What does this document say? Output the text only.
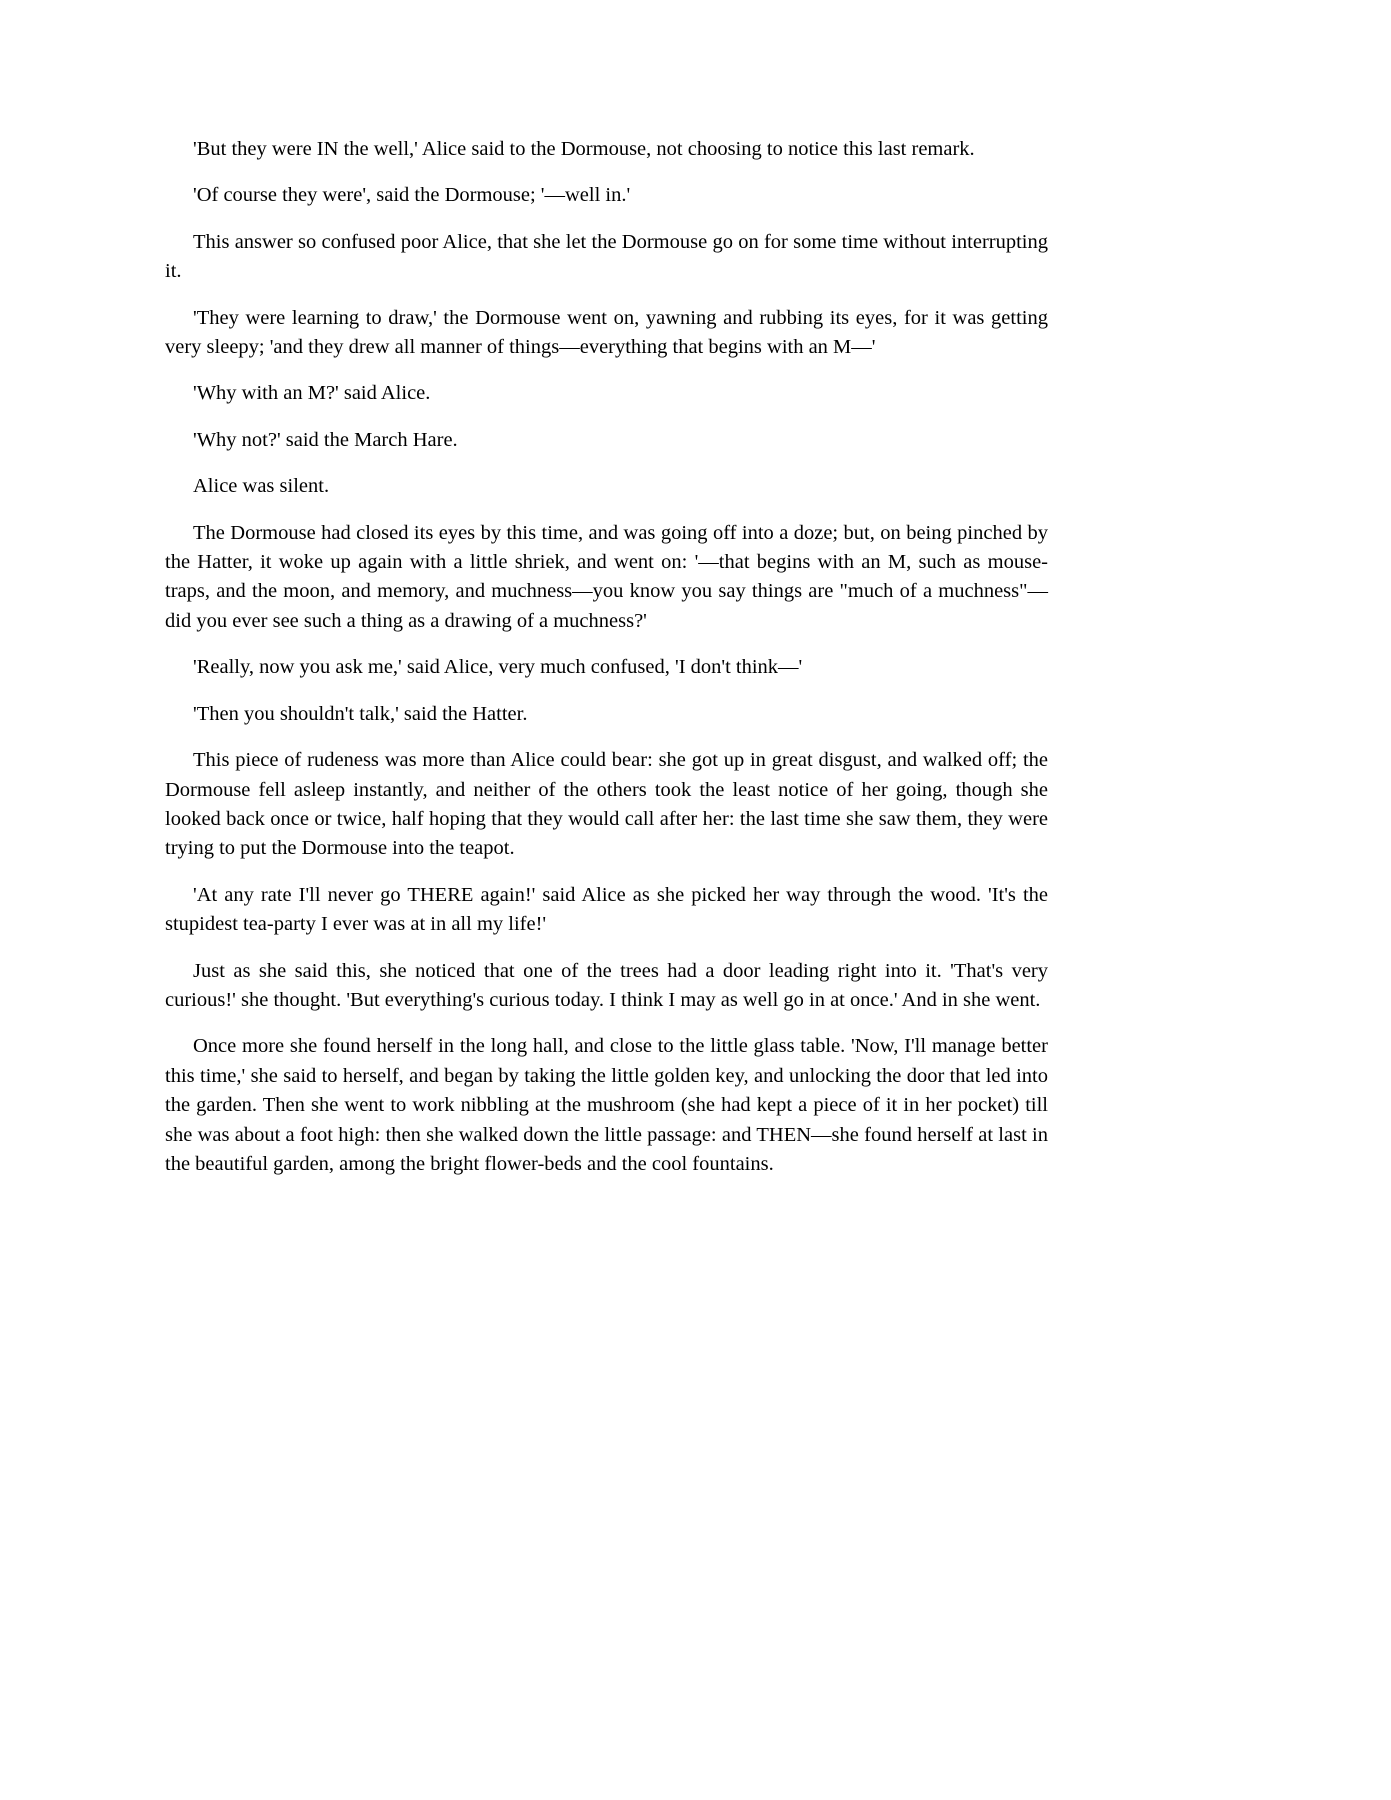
'But they were IN the well,' Alice said to the Dormouse, not choosing to notice this last remark.

'Of course they were', said the Dormouse; '—well in.'

This answer so confused poor Alice, that she let the Dormouse go on for some time without interrupting it.

'They were learning to draw,' the Dormouse went on, yawning and rubbing its eyes, for it was getting very sleepy; 'and they drew all manner of things—everything that begins with an M—'

'Why with an M?' said Alice.

'Why not?' said the March Hare.

Alice was silent.

The Dormouse had closed its eyes by this time, and was going off into a doze; but, on being pinched by the Hatter, it woke up again with a little shriek, and went on: '—that begins with an M, such as mouse-traps, and the moon, and memory, and muchness—you know you say things are "much of a muchness"—did you ever see such a thing as a drawing of a muchness?'

'Really, now you ask me,' said Alice, very much confused, 'I don't think—'

'Then you shouldn't talk,' said the Hatter.

This piece of rudeness was more than Alice could bear: she got up in great disgust, and walked off; the Dormouse fell asleep instantly, and neither of the others took the least notice of her going, though she looked back once or twice, half hoping that they would call after her: the last time she saw them, they were trying to put the Dormouse into the teapot.

'At any rate I'll never go THERE again!' said Alice as she picked her way through the wood. 'It's the stupidest tea-party I ever was at in all my life!'

Just as she said this, she noticed that one of the trees had a door leading right into it. 'That's very curious!' she thought. 'But everything's curious today. I think I may as well go in at once.' And in she went.

Once more she found herself in the long hall, and close to the little glass table. 'Now, I'll manage better this time,' she said to herself, and began by taking the little golden key, and unlocking the door that led into the garden. Then she went to work nibbling at the mushroom (she had kept a piece of it in her pocket) till she was about a foot high: then she walked down the little passage: and THEN—she found herself at last in the beautiful garden, among the bright flower-beds and the cool fountains.
